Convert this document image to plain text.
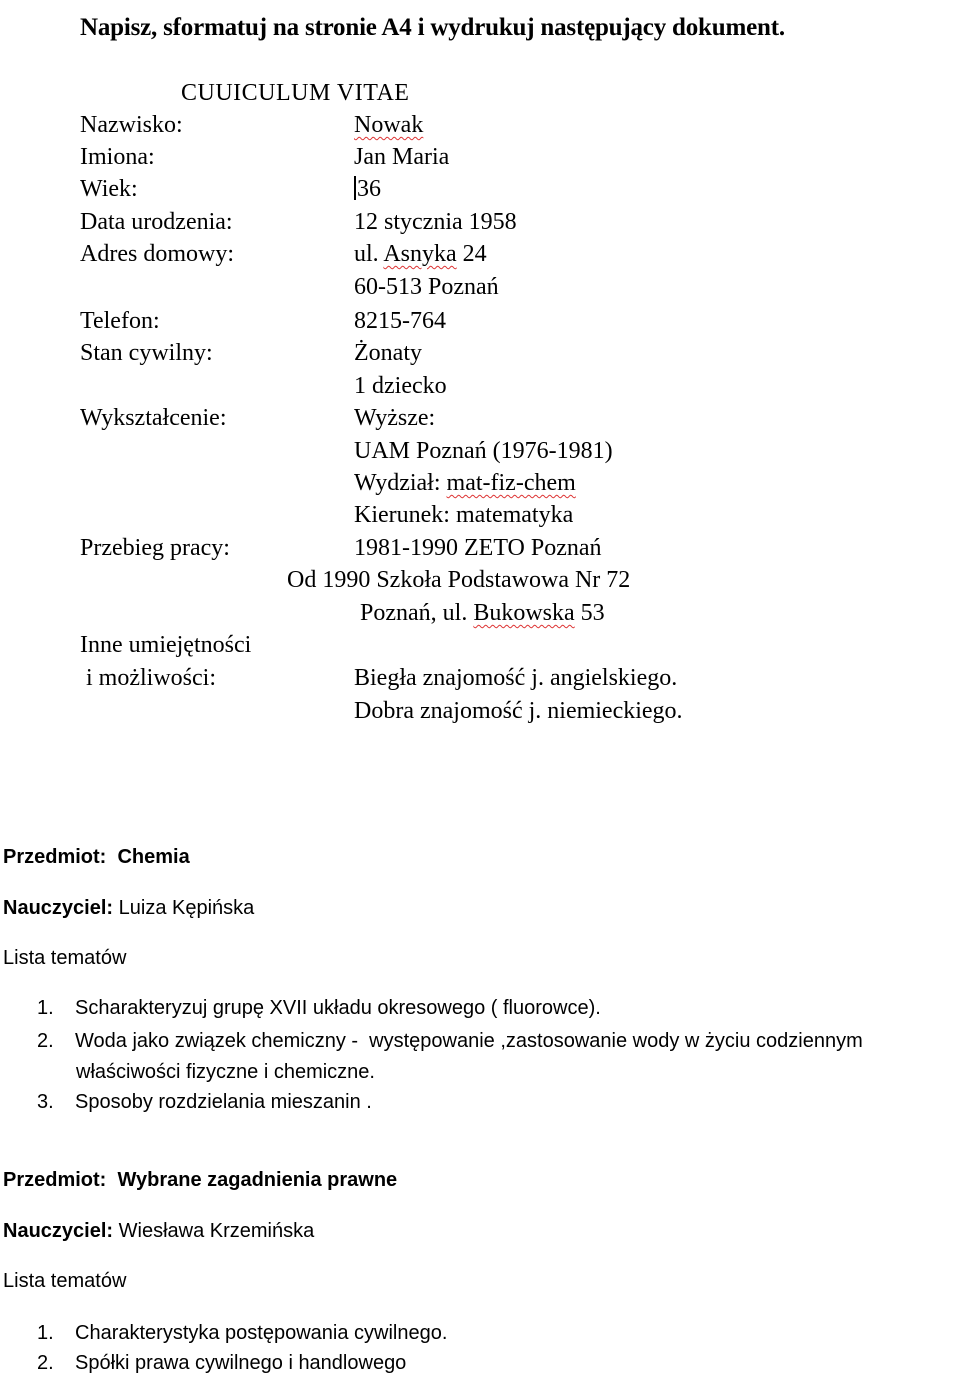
Napisz, sformatuj na stronie A4 i wydrukuj następujący dokument.
CUUICULUM VITAE
Nazwisko:	Nowak
Imiona:	Jan Maria
Wiek:	36
Data urodzenia:	12 stycznia 1958
Adres domowy:	ul. Asnyka 24
60-513 Poznań
Telefon:	8215-764
Stan cywilny:	Żonaty
1 dziecko
Wykształcenie:	Wyższe:
UAM Poznań (1976-1981)
Wydział: mat-fiz-chem
Kierunek: matematyka
Przebieg pracy:	1981-1990 ZETO Poznań
Od 1990 Szkoła Podstawowa Nr 72
Poznań, ul. Bukowska 53
Inne umiejętności
i możliwości:	Biegła znajomość j. angielskiego.
Dobra znajomość j. niemieckiego.
Przedmiot: Chemia
Nauczyciel: Luiza Kępińska
Lista tematów
1. Scharakteryzuj grupę XVII układu okresowego ( fluorowce).
2. Woda jako związek chemiczny -  występowanie ,zastosowanie wody w życiu codziennym
właściwości fizyczne i chemiczne.
3. Sposoby rozdzielania mieszanin .
Przedmiot: Wybrane zagadnienia prawne
Nauczyciel: Wiesława Krzemińska
Lista tematów
1. Charakterystyka postępowania cywilnego.
2. Spółki prawa cywilnego i handlowego
